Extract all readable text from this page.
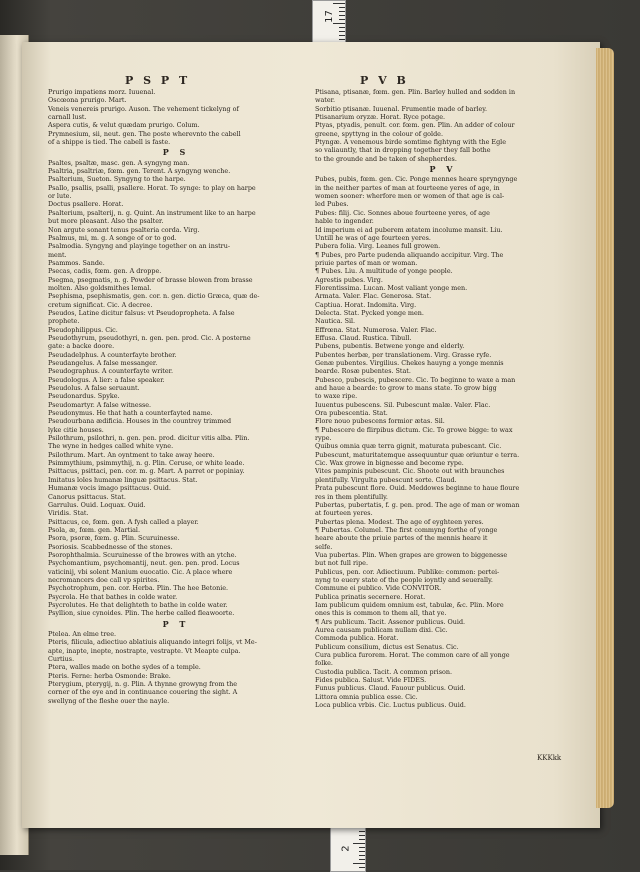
17
2
P S P T	P V B
Prurigo impatiens morz. Iuuenal.
Oscœona prurigo. Mart.
Veneis venereis prurigo. Auson. The vehement tickelyng of
carnall lust.
Aspera cutis, & velut quædam prurigo. Colum.
Prymnesium, sii, neut. gen. The poste wherevnto the cabell
of a shippe is tied. The cabell is faste.
P S
Psaltes, psaltæ, masc. gen. A syngyng man.
Psaltria, psaltriæ, fœm. gen. Terent. A syngyng wenche.
Psalterium, Sueton. Syngyng to the harpe.
Psallo, psallis, psalli, psallere. Horat. To synge: to play on harpe
or lute.
Doctus psallere. Horat.
Psalterium, psalterij, n. g. Quint. An instrument like to an harpe
but more pleasant. Also the psalter.
Non argute sonant tenus psalteria corda. Virg.
Psalmus, mi, m. g. A songe of or to god.
Psalmodia. Syngyng and playinge together on an instru-
ment.
Psammos. Sande.
Psecas, cadis, fœm. gen. A droppe.
Psegma, psegmatis, n. g. Powder of brasse blowen from brasse
molten. Also goldsmithes lemal.
Psephisma, psephismatis, gen. cor. n. gen. dictio Græca, quæ de-
cretum significat. Cic. A decree.
Pseudos, Latine dicitur falsus: vt Pseudopropheta. A false
prophete.
Pseudophilippus. Cic.
Pseudothyrum, pseudothyri, n. gen. pen. prod. Cic. A posterne
gate: a backe doore.
Pseudadelphus. A counterfayte brother.
Pseudangelus. A false messanger.
Pseudographus. A counterfayte writer.
Pseudologus. A lier: a false speaker.
Pseudolus. A false seruaunt.
Pseudonardus. Spyke.
Pseudomartyr. A false witnesse.
Pseudonymus. He that hath a counterfayted name.
Pseudourbana ædificia. Houses in the countrey trimmed
lyke citie houses.
Psilothrum, psilothri, n. gen. pen. prod. dicitur vitis alba. Plin.
The wyne in hedges called white vyne.
Psilothrum. Mart. An oyntment to take away heere.
Psimmythium, psimmythij, n. g. Plin. Ceruse, or white leade.
Psittacus, psittaci, pen. cor. m. g. Mart. A parret or popiniay.
Imitatus loles humanæ linguæ psittacus. Stat.
Humanæ vocis imago psittacus. Ouid.
Canorus psittacus. Stat.
Garrulus. Ouid. Loquax. Ouid.
Viridis. Stat.
Psittacus, ce, fœm. gen. A fysh called a player.
Psola, æ, fœm. gen. Martial.
Psora, psoræ, fœm. g. Plin. Scuruinesse.
Psoriosis. Scabbednesse of the stones.
Psorophthalmia. Scuruinesse of the browes with an ytche.
Psychomantium, psychomantij, neut. gen. pen. prod. Locus
vaticinij, vbi solent Manium euocatio. Cic. A place where
necromancers doe call vp spirites.
Psychotrophum, pen. cor. Herba. Plin. The hee Betonie.
Psycrola. He that bathes in colde water.
Psycrolutes. He that delighteth to bathe in colde water.
Psyllion, siue cynoides. Plin. The herbe called fleawoorte.
P T
Ptelea. An elme tree.
Pteris, filicula, adiectiuo ablatiuis aliquando integri folijs, vt Me-
apte, inapte, inepte, nostrapte, vestrapte. Vt Meapte culpa.
Curtius.
Ptera, walles made on bothe sydes of a temple.
Pteris. Ferne: herba Osmonde: Brake.
Pterygium, pterygij, n. g. Plin. A thynne growyng from the
corner of the eye and in continuance couering the sight. A
swellyng of the fleshe ouer the nayle.
Ptisana, ptisanæ, fœm. gen. Plin. Barley hulled and sodden in
water.
Sorbitio ptisanæ. Iuuenal. Frumentie made of barley.
Ptisanarium oryzæ. Horat. Ryce potage.
Ptyas, ptyadis, penult. cor. fœm. gen. Plin. An adder of colour
greene, spyttyng in the colour of golde.
Ptyngæ. A venemous birde somtime fightyng with the Egle
so valiauntly, that in dropping together they fall bothe
to the grounde and be taken of shepherdes.
P V
Pubes, pubis, fœm. gen. Cic. Ponge mennes heare spryngynge
in the neither partes of man at fourteene yeres of age, in
women sooner: wherfore men or women of that age is cal-
led Pubes.
Pubes: filij. Cic. Sonnes aboue fourteene yeres, of age
hable to ingender.
Id imperium ei ad puberem ætatem incolume mansit. Liu.
Untill he was of age fourteen yeres.
Pubera folia. Virg. Leanes full growen.
¶ Pubes, pro Parte pudenda aliquando accipitur. Virg. The
priuie partes of man or woman.
¶ Pubes. Liu. A multitude of yonge people.
Agrestis pubes. Virg.
Florentissima. Lucan. Most valiant yonge men.
Armata. Valer. Flac. Generosa. Stat.
Captiua. Horat. Indomita. Virg.
Delecta. Stat. Pycked yonge men.
Nautica. Sil.
Effrœna. Stat. Numerosa. Valer. Flac.
Effusa. Claud. Rustica. Tibull.
Pubens, pubentis. Betwene yonge and elderly.
Pubentes herbæ, per translationem. Virg. Grasse ryfe.
Genæ pubentes. Virgilius. Chekes hauyng a yonge mennis
bearde. Rosæ pubentes. Stat.
Pubesco, pubescis, pubescere. Cic. To beginne to waxe a man
and haue a bearde: to grow to mans state. To grow bigg
to waxe ripe.
Iuuentus pubescens. Sil. Pubescunt malæ. Valer. Flac.
Ora pubescentia. Stat.
Flore nouo pubescens formior ætas. Sil.
¶ Pubescere de flirpibus dictum. Cic. To growe bigge: to wax
rype.
Quibus omnia quæ terra gignit, maturata pubescant. Cic.
Pubescunt, maturitatemque assequuntur quæ oriuntur e terra.
Cic. Wax growe in bignesse and become rype.
Vites pampinis pubescunt. Cic. Shoote out with braunches
plentifully. Virgulta pubescunt sorte. Claud.
Prata pubescunt flore. Ouid. Meddowes beginne to haue floure
res in them plentifully.
Pubertas, pubertatis, f. g. pen. prod. The age of man or woman
at fourteen yeres.
Pubertas plena. Modest. The age of eyghteen yeres.
¶ Pubertas. Columel. The first commyng forthe of yonge
heare aboute the priuie partes of the mennis heare it
selfe.
Vua pubertas. Plin. When grapes are growen to biggenesse
but not full ripe.
Publicus, pen. cor. Adiectiuum. Publike: common: pertei-
nyng to euery state of the people ioyntly and seuerally.
Commune ei publico. Vide CONVITOR.
Publica prinatis secernere. Horat.
Iam publicum quidem omnium est, tabulæ, &c. Plin. More
ones this is common to them all, that ye.
¶ Ars publicum. Tacit. Assenor publicus. Ouid.
Aurea causam publicam nullam dixi. Cic.
Commoda publica. Horat.
Publicum consilium, dictus est Senatus. Cic.
Cura publica furorem. Horat. The common care of all yonge
folke.
Custodia publica. Tacit. A common prison.
Fides publica. Salust. Vide FIDES.
Funus publicus. Claud. Fauour publicus. Ouid.
Littora omnia publica esse. Cic.
Loca publica vrbis. Cic. Luctus publicus. Ouid.
KKKkk
